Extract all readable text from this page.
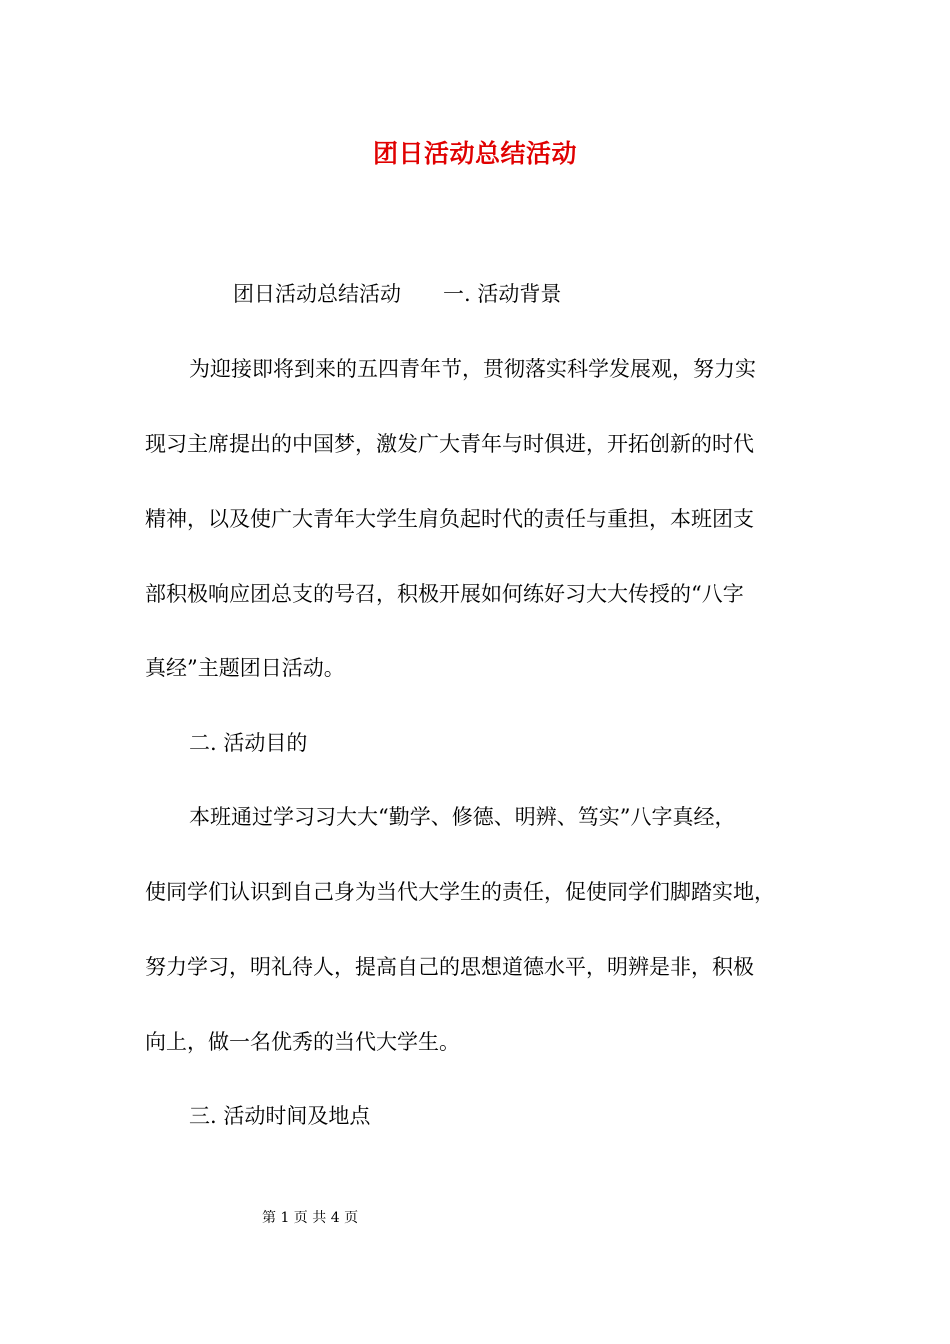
团日活动总结活动
团日活动总结活动　　一. 活动背景
为迎接即将到来的五四青年节，贯彻落实科学发展观，努力实
现习主席提出的中国梦，激发广大青年与时俱进，开拓创新的时代
精神，以及使广大青年大学生肩负起时代的责任与重担，本班团支
部积极响应团总支的号召，积极开展如何练好习大大传授的“八字
真经”主题团日活动。
二. 活动目的
本班通过学习习大大“勤学、修德、明辨、笃实”八字真经，
使同学们认识到自己身为当代大学生的责任，促使同学们脚踏实地，
努力学习，明礼待人，提高自己的思想道德水平，明辨是非，积极
向上，做一名优秀的当代大学生。
三. 活动时间及地点
第 1 页 共 4 页
